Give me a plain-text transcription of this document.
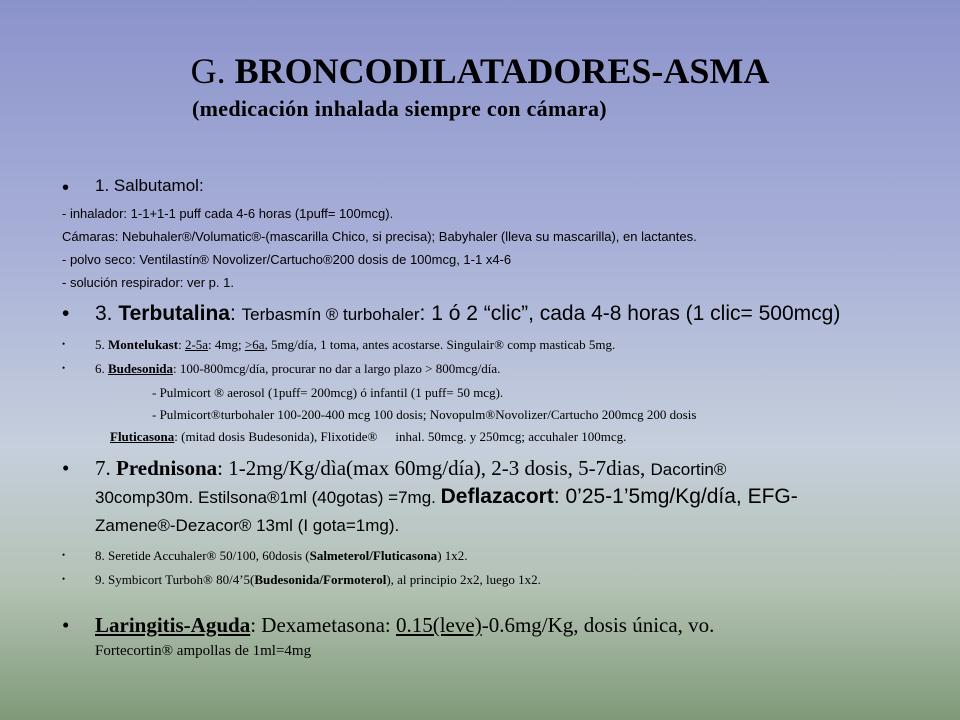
G. BRONCODILATADORES-ASMA
(medicación inhalada siempre con cámara)
• 1. Salbutamol:
- inhalador: 1-1+1-1 puff cada 4-6 horas (1puff= 100mcg).
Cámaras: Nebuhaler®/Volumatic®-(mascarilla Chico, si precisa); Babyhaler (lleva su mascarilla), en lactantes.
- polvo seco: Ventilastín® Novolizer/Cartucho®200 dosis de 100mcg, 1-1 x4-6
- solución respirador: ver p. 1.
• 3. Terbutalina: Terbasmín ® turbohaler: 1 ó 2 “clic”, cada 4-8 horas (1 clic= 500mcg)
• 5. Montelukast: 2-5a: 4mg; >6a, 5mg/día, 1 toma, antes acostarse. Singulair® comp masticab 5mg.
• 6. Budesonida: 100-800mcg/día, procurar no dar a largo plazo > 800mcg/día.
- Pulmicort ® aerosol (1puff= 200mcg) ó infantil (1 puff= 50 mcg).
- Pulmicort®turbohaler 100-200-400 mcg 100 dosis; Novopulm®Novolizer/Cartucho 200mcg 200 dosis
Fluticasona: (mitad dosis Budesonida), Flixotide® inhal. 50mcg. y 250mcg; accuhaler 100mcg.
• 7. Prednisona: 1-2mg/Kg/dìa(max 60mg/día), 2-3 dosis, 5-7dias, Dacortin®
30comp30m. Estilsona®1ml (40gotas) =7mg. Deflazacort: 0’25-1’5mg/Kg/día, EFG-
Zamene®-Dezacor® 13ml (I gota=1mg).
• 8. Seretide Accuhaler® 50/100, 60dosis (Salmeterol/Fluticasona) 1x2.
• 9. Symbicort Turboh® 80/4’5(Budesonida/Formoterol), al principio 2x2, luego 1x2.
• Laringitis-Aguda: Dexametasona: 0.15(leve)-0.6mg/Kg, dosis única, vo.
Fortecortin® ampollas de 1ml=4mg
